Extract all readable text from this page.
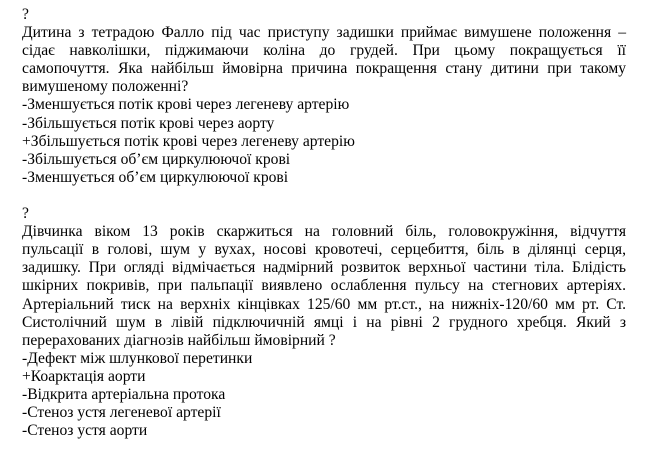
?
Дитина з тетрадою Фалло під час приступу задишки приймає вимушене положення –
сідає навколішки, піджимаючи коліна до грудей. При цьому покращується її
самопочуття. Яка найбільш ймовірна причина покращення стану дитини при такому
вимушеному положенні?
-Зменшується потік крові через легеневу артерію
-Збільшується потік крові через аорту
+Збільшується потік крові через легеневу артерію
-Збільшується об’єм циркулюючої крові
-Зменшується об’єм циркулюючої крові
?
Дівчинка віком 13 років скаржиться на головний біль, головокружіння, відчуття
пульсації в голові, шум у вухах, носові кровотечі, серцебиття, біль в ділянці серця,
задишку. При огляді відмічається надмірний розвиток верхньої частини тіла. Блідість
шкірних покривів, при пальпації виявлено ослаблення пульсу на стегнових артеріях.
Артеріальний тиск на верхніх кінцівках 125/60 мм рт.ст., на нижніх-120/60 мм рт. Ст.
Систолічний шум в лівій підключичній ямці і на рівні 2 грудного хребця. Який з
перерахованих діагнозів найбільш ймовірний ?
-Дефект між шлункової перетинки
+Коарктація аорти
-Відкрита артеріальна протока
-Стеноз устя легеневої артерії
-Стеноз устя аорти
